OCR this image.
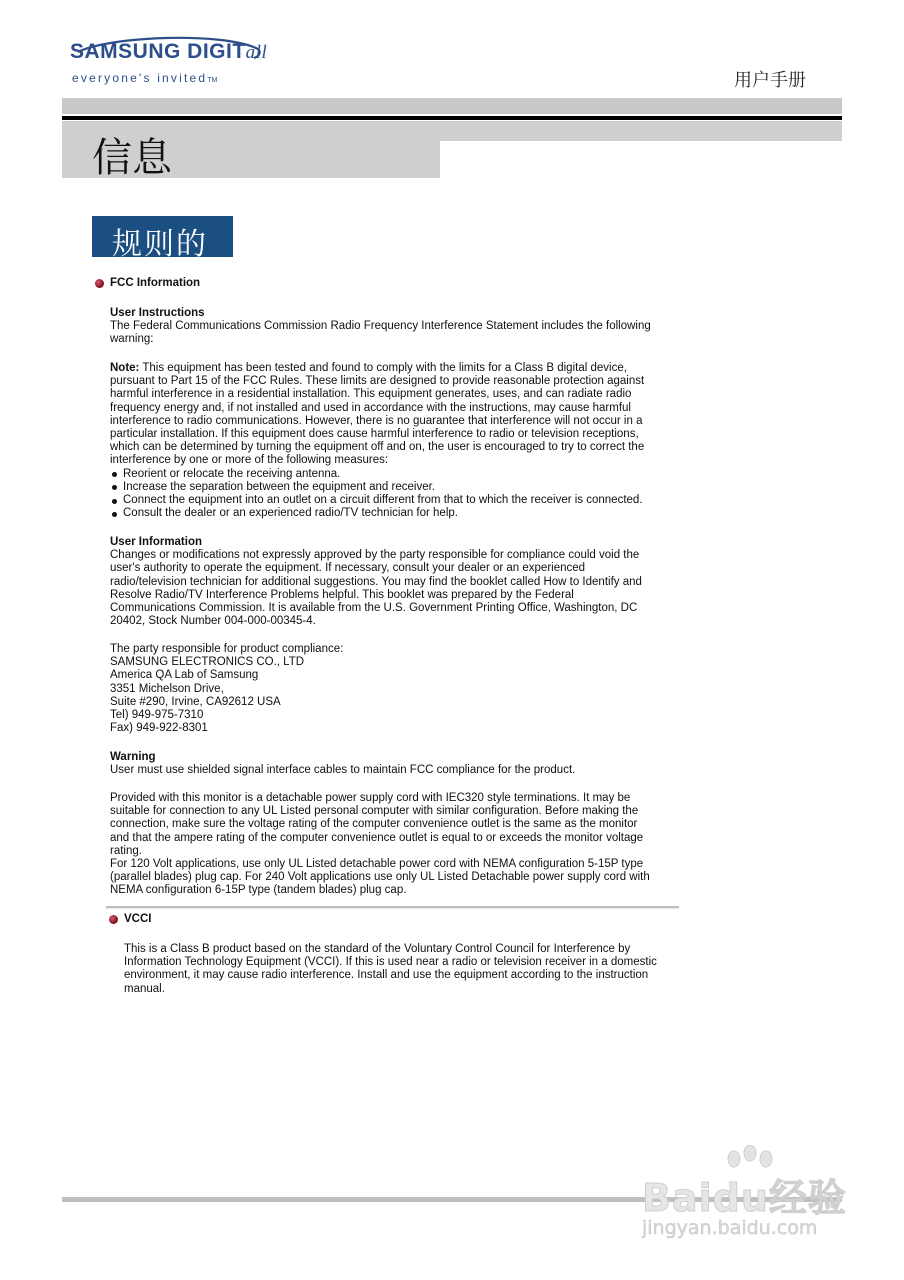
SAMSUNG DIGITall
everyone's invitedTM	用户手册
信息
规则的
FCC Information
User Instructions
The Federal Communications Commission Radio Frequency Interference Statement includes the following
warning:
Note: This equipment has been tested and found to comply with the limits for a Class B digital device,
pursuant to Part 15 of the FCC Rules. These limits are designed to provide reasonable protection against
harmful interference in a residential installation. This equipment generates, uses, and can radiate radio
frequency energy and, if not installed and used in accordance with the instructions, may cause harmful
interference to radio communications. However, there is no guarantee that interference will not occur in a
particular installation. If this equipment does cause harmful interference to radio or television receptions,
which can be determined by turning the equipment off and on, the user is encouraged to try to correct the
interference by one or more of the following measures:
Reorient or relocate the receiving antenna.
Increase the separation between the equipment and receiver.
Connect the equipment into an outlet on a circuit different from that to which the receiver is connected.
Consult the dealer or an experienced radio/TV technician for help.
User Information
Changes or modifications not expressly approved by the party responsible for compliance could void the
user's authority to operate the equipment. If necessary, consult your dealer or an experienced
radio/television technician for additional suggestions. You may find the booklet called How to Identify and
Resolve Radio/TV Interference Problems helpful. This booklet was prepared by the Federal
Communications Commission. It is available from the U.S. Government Printing Office, Washington, DC
20402, Stock Number 004-000-00345-4.
The party responsible for product compliance:
SAMSUNG ELECTRONICS CO., LTD
America QA Lab of Samsung
3351 Michelson Drive,
Suite #290, Irvine, CA92612 USA
Tel) 949-975-7310
Fax) 949-922-8301
Warning
User must use shielded signal interface cables to maintain FCC compliance for the product.
Provided with this monitor is a detachable power supply cord with IEC320 style terminations. It may be
suitable for connection to any UL Listed personal computer with similar configuration. Before making the
connection, make sure the voltage rating of the computer convenience outlet is the same as the monitor
and that the ampere rating of the computer convenience outlet is equal to or exceeds the monitor voltage
rating.
For 120 Volt applications, use only UL Listed detachable power cord with NEMA configuration 5-15P type
(parallel blades) plug cap. For 240 Volt applications use only UL Listed Detachable power supply cord with
NEMA configuration 6-15P type (tandem blades) plug cap.
VCCI
This is a Class B product based on the standard of the Voluntary Control Council for Interference by
Information Technology Equipment (VCCI). If this is used near a radio or television receiver in a domestic
environment, it may cause radio interference. Install and use the equipment according to the instruction
manual.
Baidu经验
jingyan.baidu.com
